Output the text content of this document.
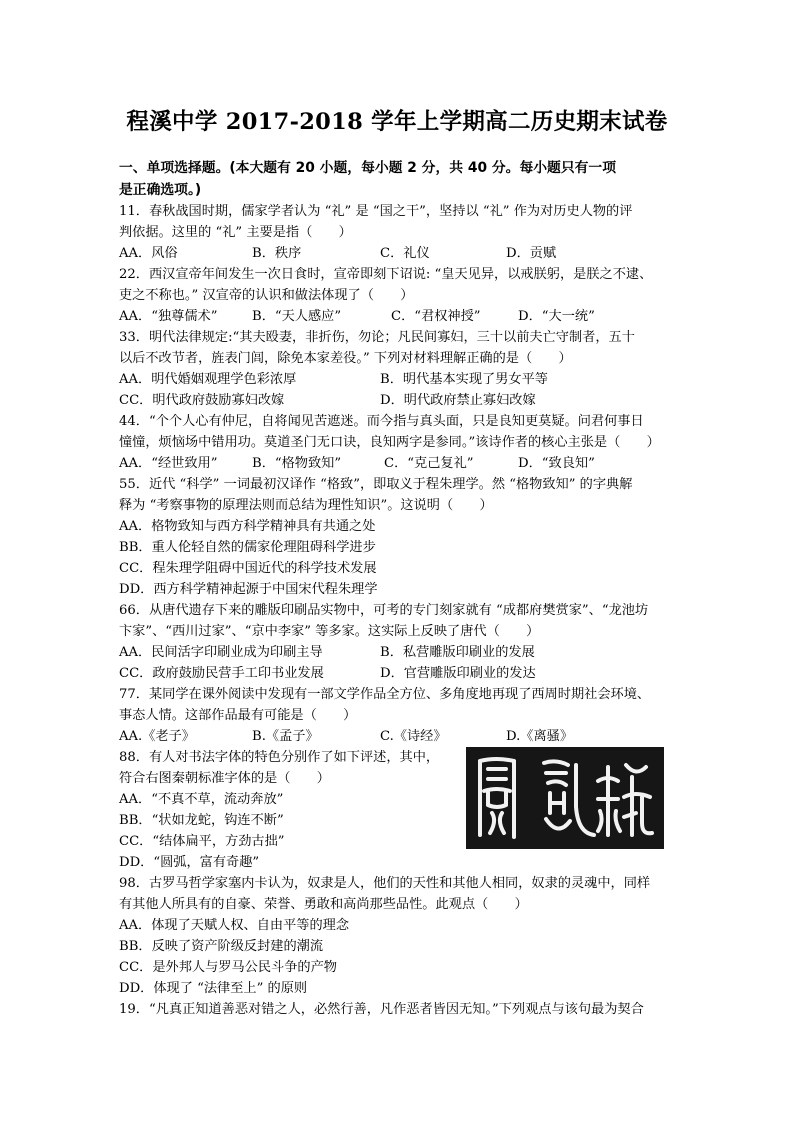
程溪中学 2017-2018 学年上学期高二历史期末试卷
一、单项选择题。(本大题有 20 小题，每小题 2 分，共 40 分。每小题只有一项
是正确选项。)
11．春秋战国时期，儒家学者认为 “礼” 是 “国之干”，坚持以 “礼” 作为对历史人物的评
判依据。这里的 “礼” 主要是指（　　）
AA．风俗	B．秩序	C．礼仪	D．贡赋
22．西汉宣帝年间发生一次日食时，宣帝即刻下诏说: “皇天见异，以戒朕躬，是朕之不逮、
吏之不称也。” 汉宣帝的认识和做法体现了（　　）
AA．“独尊儒术”	B．“天人感应”	C．“君权神授”	D．“大一统”
33．明代法律规定:“其夫殴妻，非折伤，勿论；凡民间寡妇，三十以前夫亡守制者，五十
以后不改节者，旌表门闾，除免本家差役。” 下列对材料理解正确的是（　　）
AA．明代婚姻观理学色彩浓厚	B．明代基本实现了男女平等
CC．明代政府鼓励寡妇改嫁	D．明代政府禁止寡妇改嫁
44．“个个人心有仲尼，自将闻见苦遮迷。而今指与真头面，只是良知更莫疑。问君何事日
憧憧，烦恼场中错用功。莫道圣门无口诀，良知两字是参同。”该诗作者的核心主张是（　　）
AA．“经世致用”	B．“格物致知”	C．“克己复礼”	D．“致良知”
55．近代 “科学” 一词最初汉译作 “格致”，即取义于程朱理学。然 “格物致知” 的字典解
释为 “考察事物的原理法则而总结为理性知识”。这说明（　　）
AA．格物致知与西方科学精神具有共通之处
BB．重人伦轻自然的儒家伦理阻碍科学进步
CC．程朱理学阻碍中国近代的科学技术发展
DD．西方科学精神起源于中国宋代程朱理学
66．从唐代遗存下来的雕版印刷品实物中，可考的专门刻家就有 “成都府樊赏家”、“龙池坊
卞家”、“西川过家”、“京中李家” 等多家。这实际上反映了唐代（　　）
AA．民间活字印刷业成为印刷主导	B．私营雕版印刷业的发展
CC．政府鼓励民营手工印书业发展	D．官营雕版印刷业的发达
77．某同学在课外阅读中发现有一部文学作品全方位、多角度地再现了西周时期社会环境、
事态人情。这部作品最有可能是（　　）
AA.《老子》	B.《孟子》	C.《诗经》	D.《离骚》
88．有人对书法字体的特色分别作了如下评述，其中，
符合右图秦朝标准字体的是（　　）
AA．“不真不草，流动奔放”
BB．“状如龙蛇，钩连不断”
CC．“结体扁平，方劲古拙”
DD．“圆弧，富有奇趣”
98．古罗马哲学家塞内卡认为，奴隶是人，他们的天性和其他人相同，奴隶的灵魂中，同样
有其他人所具有的自豪、荣誉、勇敢和高尚那些品性。此观点（　　）
AA．体现了天赋人权、自由平等的理念
BB．反映了资产阶级反封建的潮流
CC．是外邦人与罗马公民斗争的产物
DD．体现了 “法律至上” 的原则
19．“凡真正知道善恶对错之人，必然行善，凡作恶者皆因无知。”下列观点与该句最为契合
